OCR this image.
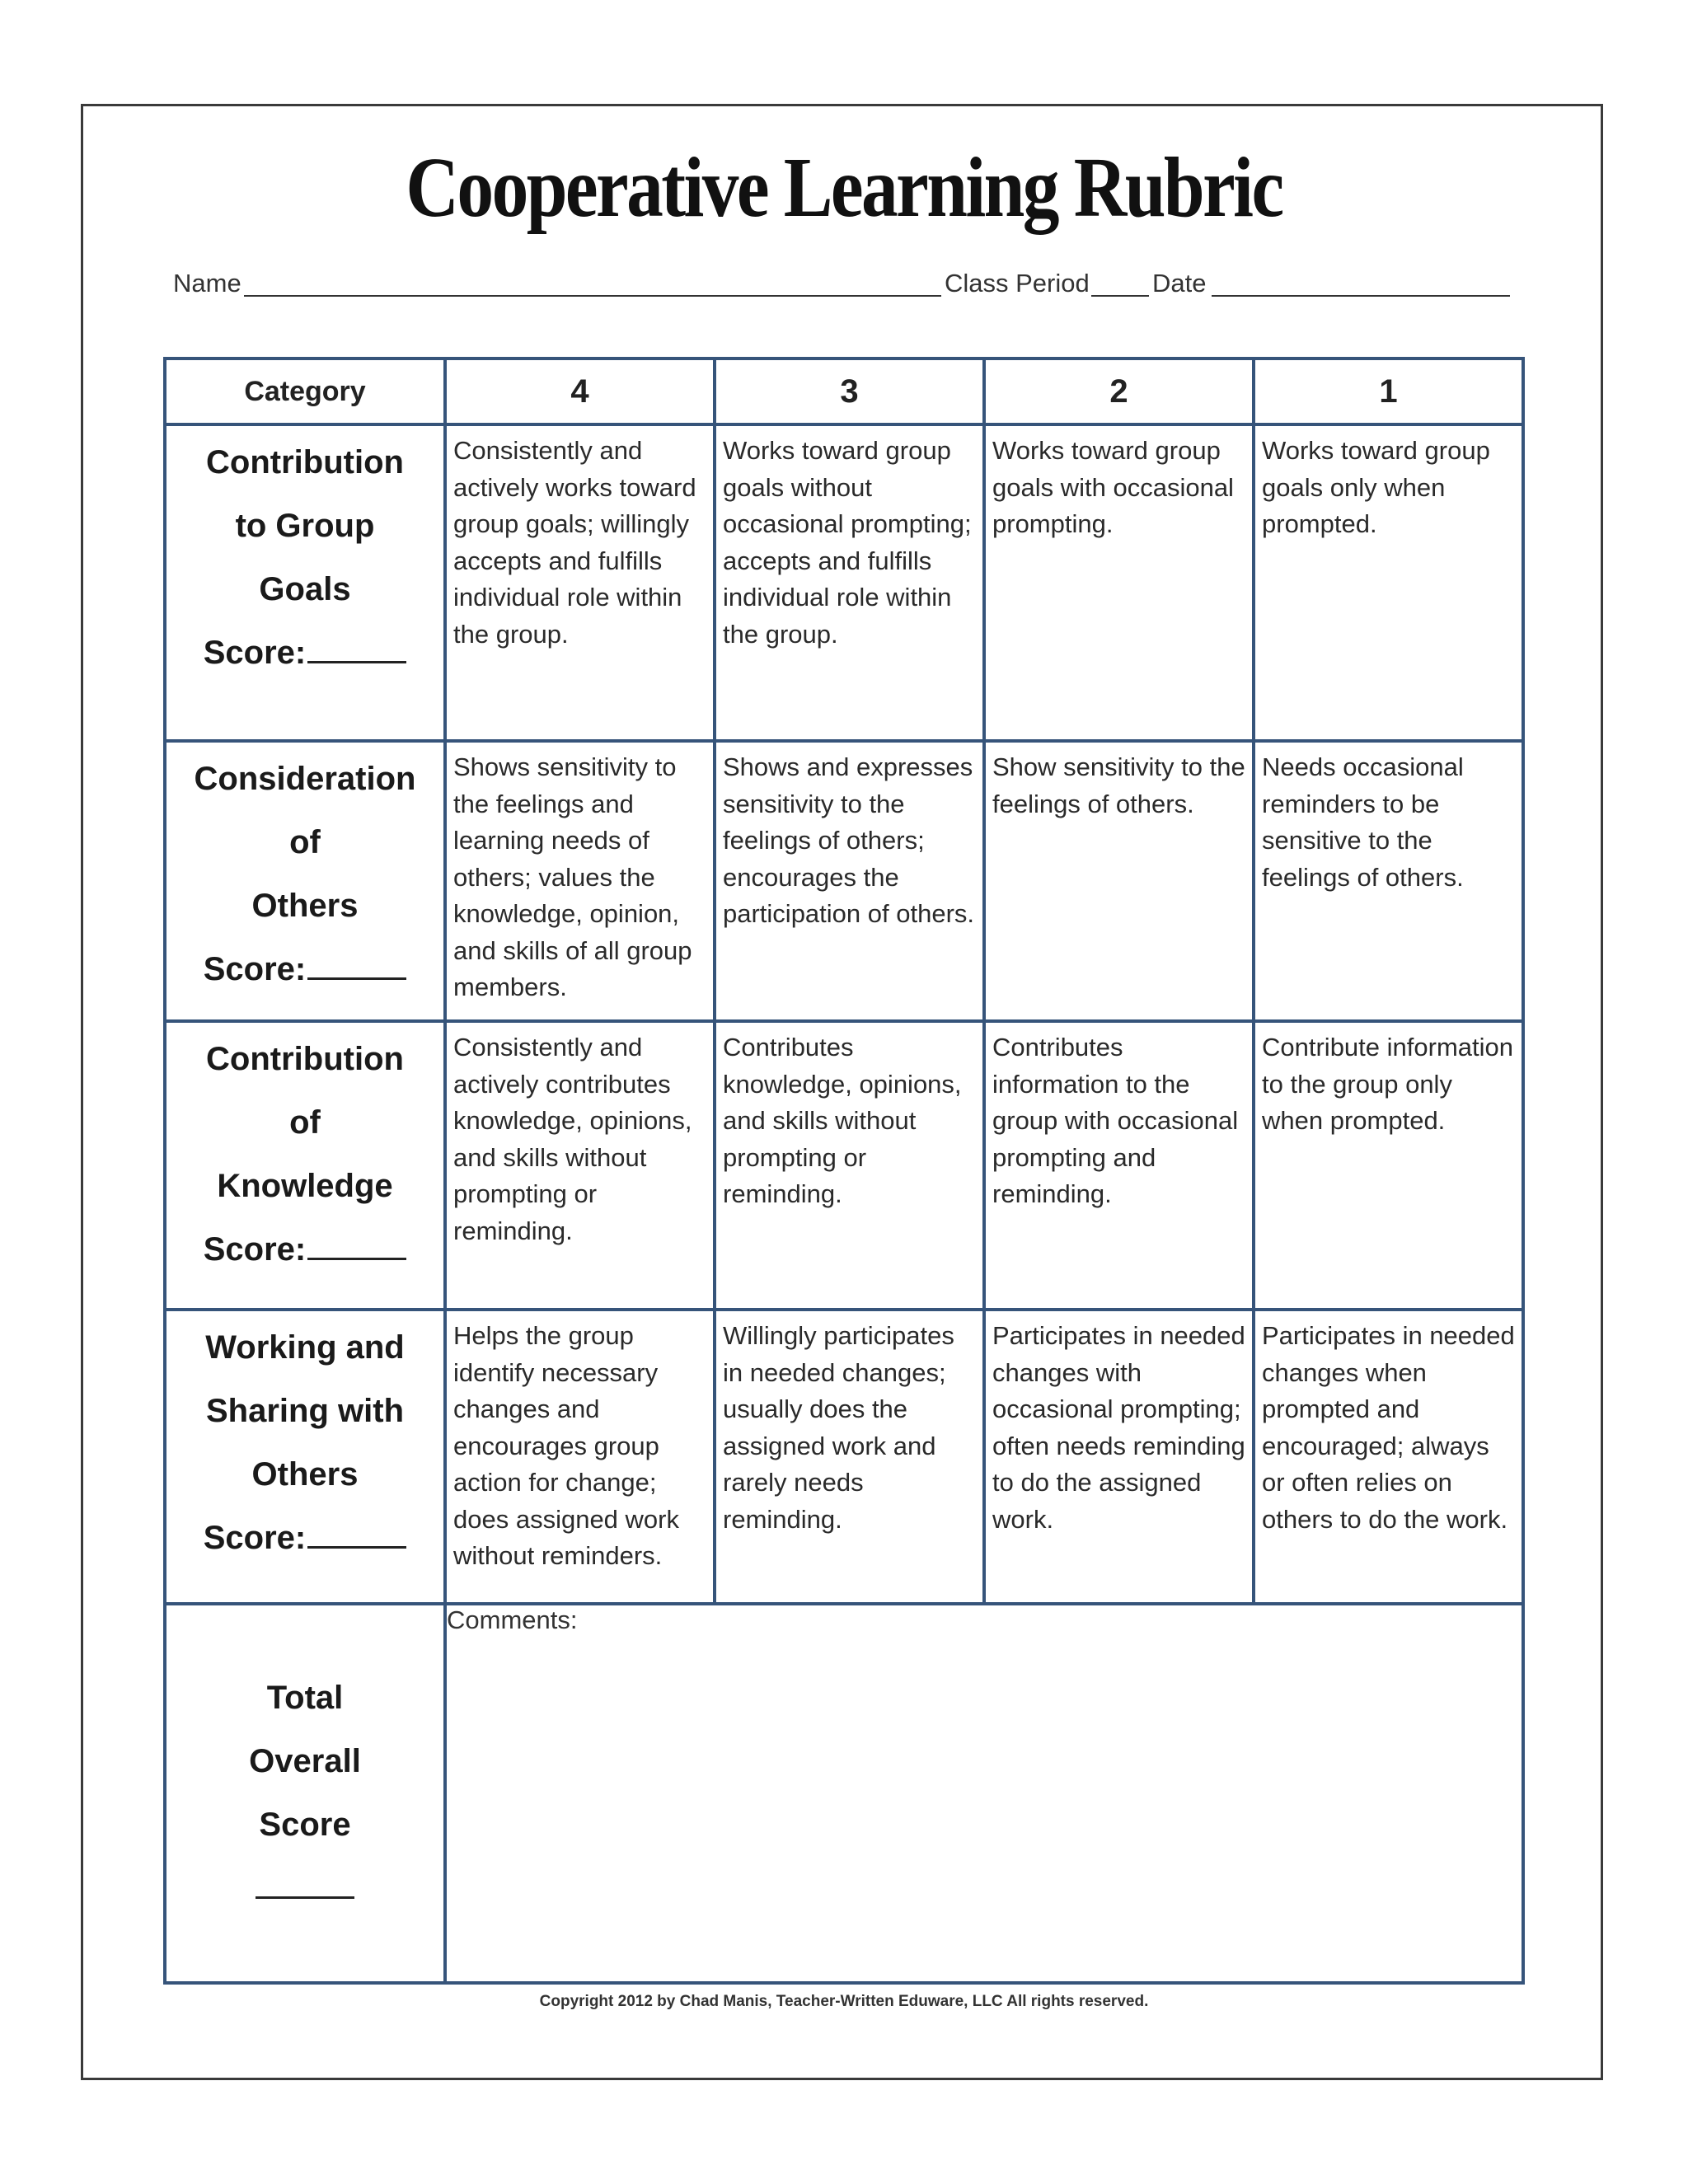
Cooperative Learning Rubric
Name	Class Period Date
Category	4	3	2	1

Contribution
to Group
Goals
Score:	Consistently and actively works toward group goals; willingly accepts and fulfills individual role within the group.	Works toward group goals without occasional prompting; accepts and fulfills individual role within the group.	Works toward group goals with occasional prompting.	Works toward group goals only when prompted.

Consideration
of
Others
Score:	Shows sensitivity to the feelings and learning needs of others; values the knowledge, opinion, and skills of all group members.	Shows and expresses sensitivity to the feelings of others; encourages the participation of others.	Show sensitivity to the feelings of others.	Needs occasional reminders to be sensitive to the feelings of others.

Contribution
of
Knowledge
Score:	Consistently and actively contributes knowledge, opinions, and skills without prompting or reminding.	Contributes knowledge, opinions, and skills without prompting or reminding.	Contributes information to the group with occasional prompting and reminding.	Contribute information to the group only when prompted.

Working and
Sharing with
Others
Score:	Helps the group identify necessary changes and encourages group action for change; does assigned work without reminders.	Willingly participates in needed changes; usually does the assigned work and rarely needs reminding.	Participates in needed changes with occasional prompting; often needs reminding to do the assigned work.	Participates in needed changes when prompted and encouraged; always or often relies on others to do the work.

Total
Overall
Score	Comments:			
Copyright 2012 by Chad Manis, Teacher-Written Eduware, LLC All rights reserved.
